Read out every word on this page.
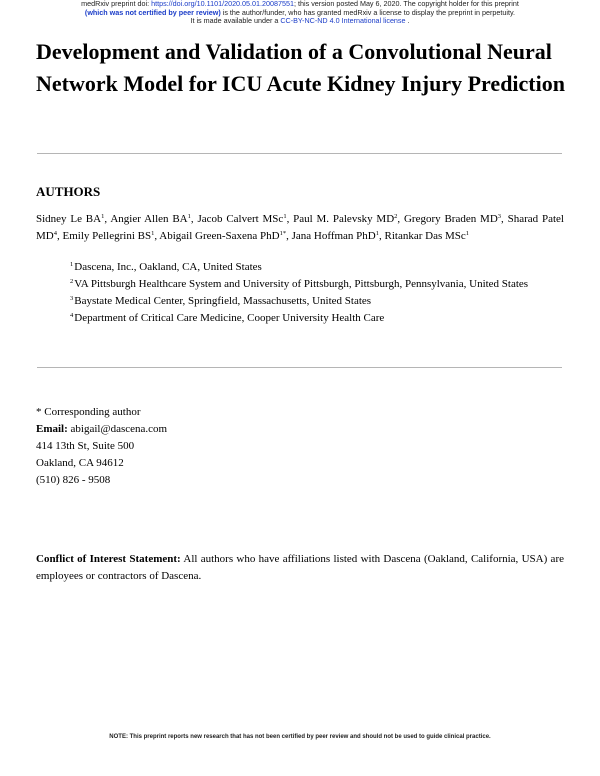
medRxiv preprint doi: https://doi.org/10.1101/2020.05.01.20087551; this version posted May 6, 2020. The copyright holder for this preprint
(which was not certified by peer review) is the author/funder, who has granted medRxiv a license to display the preprint in perpetuity.
It is made available under a CC-BY-NC-ND 4.0 International license .
Development and Validation of a Convolutional Neural Network Model for ICU Acute Kidney Injury Prediction
AUTHORS

Sidney Le $BA^1$, Angier Allen $BA^1$, Jacob Calvert MSc$^1$, Paul M. Palevsky $MD^2$, Gregory Braden $MD^3$, Sharad Patel $MD^4$, Emily Pellegrini $BS^1$, Abigail Green-Saxena PhD$^{1*}$, Jana Hoffman PhD$^1$, Ritankar Das MSc$^1$

1 Dascena, Inc., Oakland, CA, United States
2 VA Pittsburgh Healthcare System and University of Pittsburgh, Pittsburgh, Pennsylvania, United States
3 Baystate Medical Center, Springfield, Massachusetts, United States
4 Department of Critical Care Medicine, Cooper University Health Care
* Corresponding author
Email: abigail@dascena.com
414 13th St, Suite 500
Oakland, CA 94612
(510) 826 - 9508

Conflict of Interest Statement: All authors who have affiliations listed with Dascena (Oakland, California, USA) are employees or contractors of Dascena.

NOTE: This preprint reports new research that has not been certified by peer review and should not be used to guide clinical practice.
